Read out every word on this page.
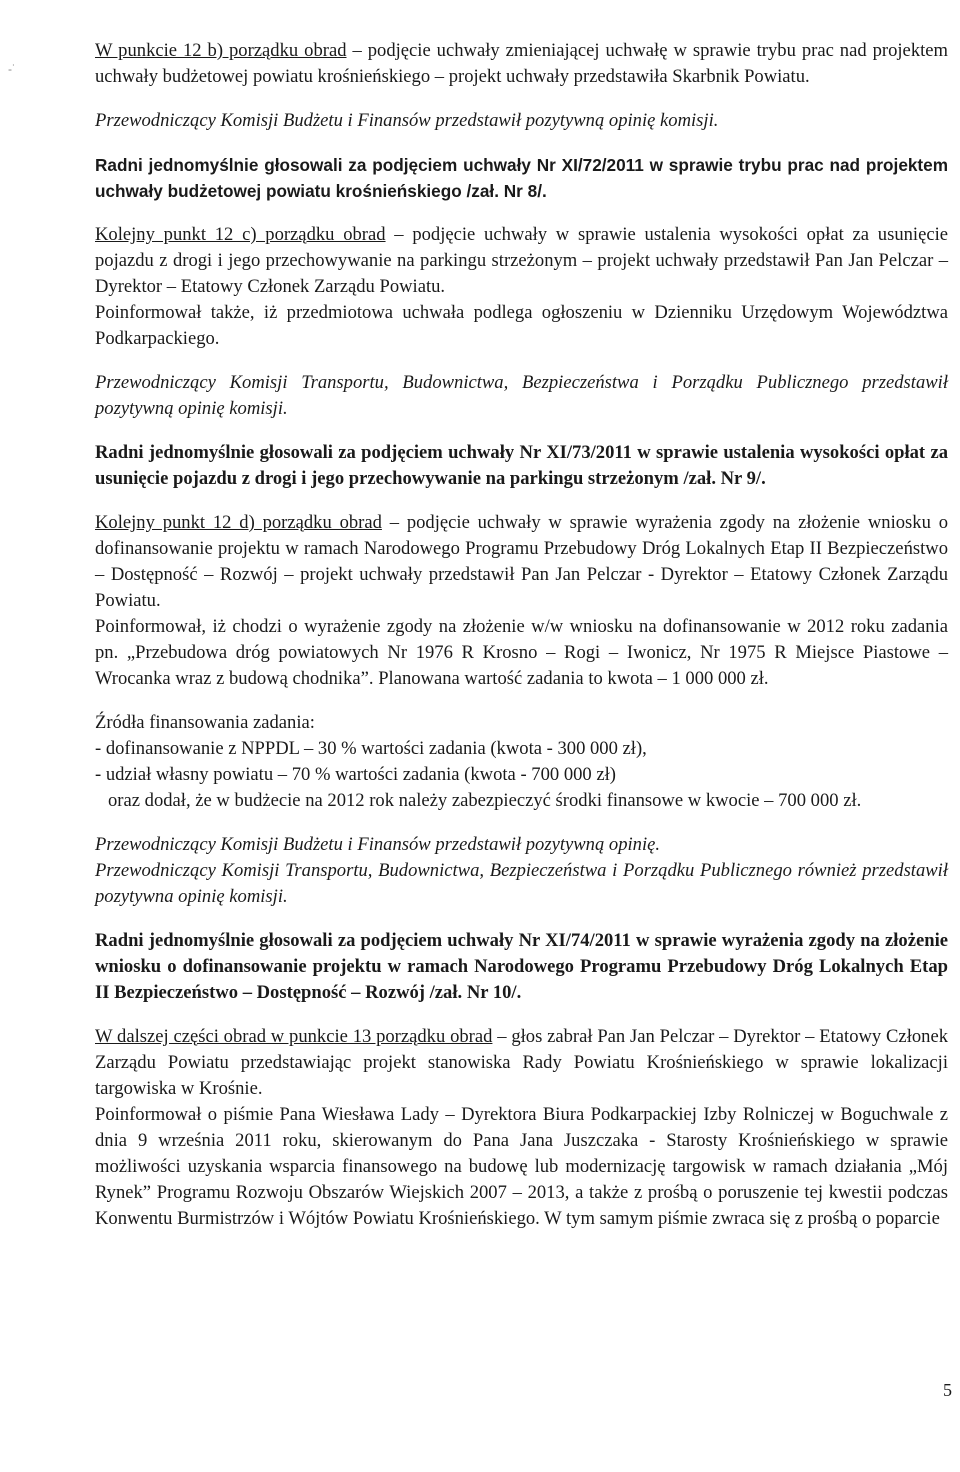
-˙

W punkcie 12 b) porządku obrad – podjęcie uchwały zmieniającej uchwałę w sprawie trybu prac nad projektem uchwały budżetowej powiatu krośnieńskiego – projekt uchwały przedstawiła Skarbnik Powiatu.

Przewodniczący Komisji Budżetu i Finansów przedstawił pozytywną opinię komisji.

Radni jednomyślnie głosowali za podjęciem uchwały Nr XI/72/2011 w sprawie trybu prac nad projektem uchwały budżetowej powiatu krośnieńskiego /zał. Nr 8/.

Kolejny punkt 12 c) porządku obrad – podjęcie uchwały w sprawie ustalenia wysokości opłat za usunięcie pojazdu z drogi i jego przechowywanie na parkingu strzeżonym – projekt uchwały przedstawił Pan Jan Pelczar – Dyrektor – Etatowy Członek Zarządu Powiatu.

Poinformował także, iż przedmiotowa uchwała podlega ogłoszeniu w Dzienniku Urzędowym Województwa Podkarpackiego.

Przewodniczący Komisji Transportu, Budownictwa, Bezpieczeństwa i Porządku Publicznego przedstawił pozytywną opinię komisji.

Radni jednomyślnie głosowali za podjęciem uchwały Nr XI/73/2011 w sprawie ustalenia wysokości opłat za usunięcie pojazdu z drogi i jego przechowywanie na parkingu strzeżonym /zał. Nr 9/.

Kolejny punkt 12 d) porządku obrad – podjęcie uchwały w sprawie wyrażenia zgody na złożenie wniosku o dofinansowanie projektu w ramach Narodowego Programu Przebudowy Dróg Lokalnych Etap II Bezpieczeństwo – Dostępność – Rozwój – projekt uchwały przedstawił Pan Jan Pelczar - Dyrektor – Etatowy Członek Zarządu Powiatu.

Poinformował, iż chodzi o wyrażenie zgody na złożenie w/w wniosku na dofinansowanie w 2012 roku zadania pn. „Przebudowa dróg powiatowych Nr 1976 R Krosno – Rogi – Iwonicz, Nr 1975 R Miejsce Piastowe – Wrocanka wraz z budową chodnika”. Planowana wartość zadania to kwota – 1 000 000 zł.

Źródła finansowania zadania:

- dofinansowanie z NPPDL – 30 % wartości zadania (kwota - 300 000 zł),

- udział własny powiatu – 70 % wartości zadania (kwota - 700 000 zł)

oraz dodał, że w budżecie na 2012 rok należy zabezpieczyć środki finansowe w kwocie – 700 000 zł.

Przewodniczący Komisji Budżetu i Finansów przedstawił pozytywną opinię.

Przewodniczący Komisji Transportu, Budownictwa, Bezpieczeństwa i Porządku Publicznego również przedstawił pozytywna opinię komisji.

Radni jednomyślnie głosowali za podjęciem uchwały Nr XI/74/2011 w sprawie wyrażenia zgody na złożenie wniosku o dofinansowanie projektu w ramach Narodowego Programu Przebudowy Dróg Lokalnych Etap II Bezpieczeństwo – Dostępność – Rozwój /zał. Nr 10/.

W dalszej części obrad w punkcie 13 porządku obrad – głos zabrał Pan Jan Pelczar – Dyrektor – Etatowy Członek Zarządu Powiatu przedstawiając projekt stanowiska Rady Powiatu Krośnieńskiego w sprawie lokalizacji targowiska w Krośnie.

Poinformował o piśmie Pana Wiesława Lady – Dyrektora Biura Podkarpackiej Izby Rolniczej w Boguchwale z dnia 9 września 2011 roku, skierowanym do Pana Jana Juszczaka - Starosty Krośnieńskiego w sprawie możliwości uzyskania wsparcia finansowego na budowę lub modernizację targowisk w ramach działania „Mój Rynek” Programu Rozwoju Obszarów Wiejskich 2007 – 2013, a także z prośbą o poruszenie tej kwestii podczas Konwentu Burmistrzów i Wójtów Powiatu Krośnieńskiego. W tym samym piśmie zwraca się z prośbą o poparcie

5
